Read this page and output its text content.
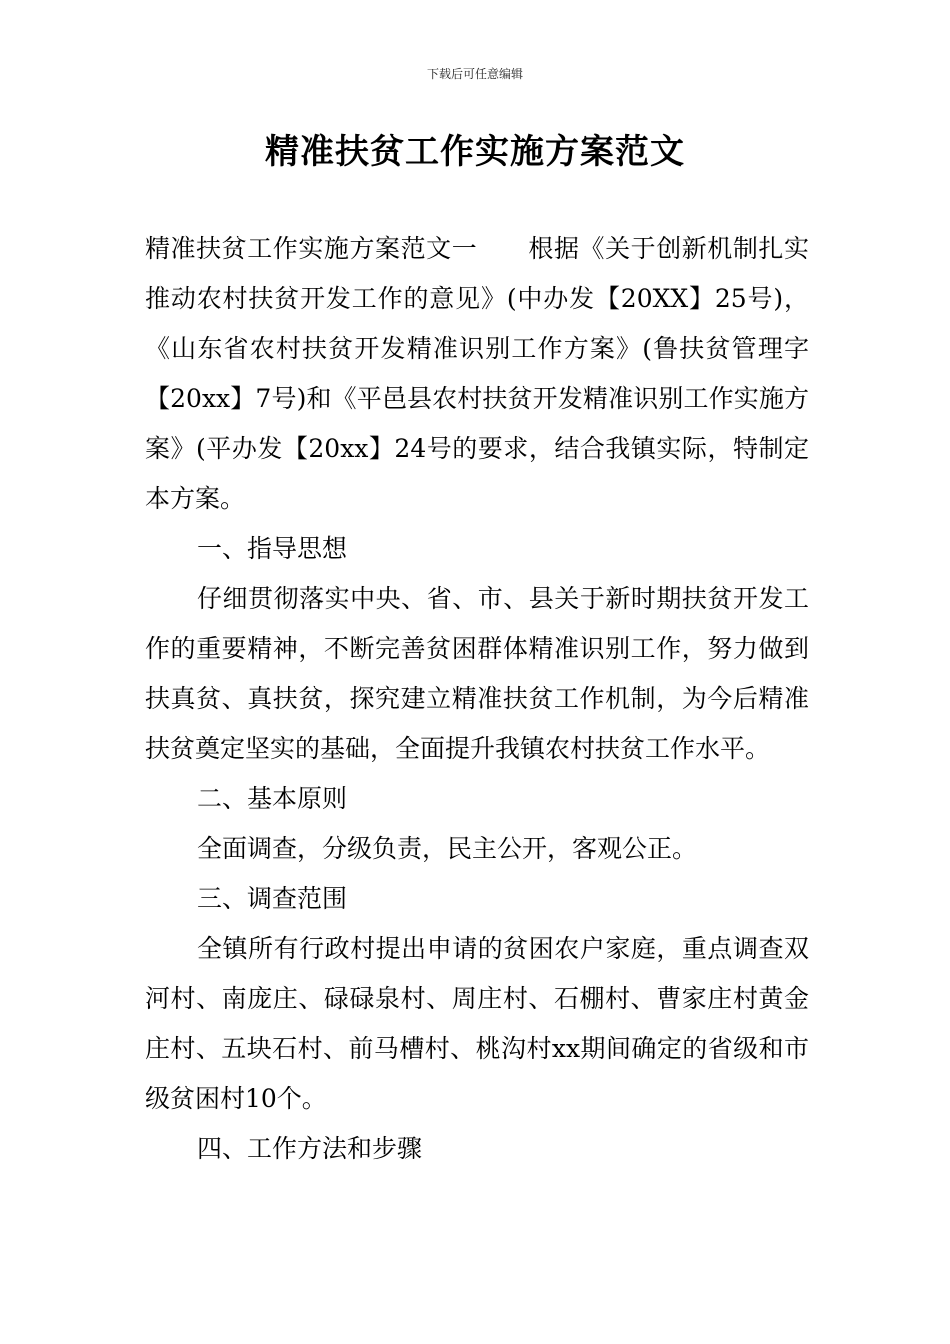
下载后可任意编辑
精准扶贫工作实施方案范文

精准扶贫工作实施方案范文一　　根据《关于创新机制扎实推动农村扶贫开发工作的意见》(中办发【20XX】25号)，《山东省农村扶贫开发精准识别工作方案》(鲁扶贫管理字【20xx】7号)和《平邑县农村扶贫开发精准识别工作实施方案》(平办发【20xx】24号的要求，结合我镇实际，特制定本方案。

一、指导思想

仔细贯彻落实中央、省、市、县关于新时期扶贫开发工作的重要精神，不断完善贫困群体精准识别工作，努力做到扶真贫、真扶贫，探究建立精准扶贫工作机制，为今后精准扶贫奠定坚实的基础，全面提升我镇农村扶贫工作水平。

二、基本原则

全面调查，分级负责，民主公开，客观公正。

三、调查范围

全镇所有行政村提出申请的贫困农户家庭，重点调查双河村、南庞庄、碌碌泉村、周庄村、石棚村、曹家庄村黄金庄村、五块石村、前马槽村、桃沟村xx期间确定的省级和市级贫困村10个。

四、工作方法和步骤
